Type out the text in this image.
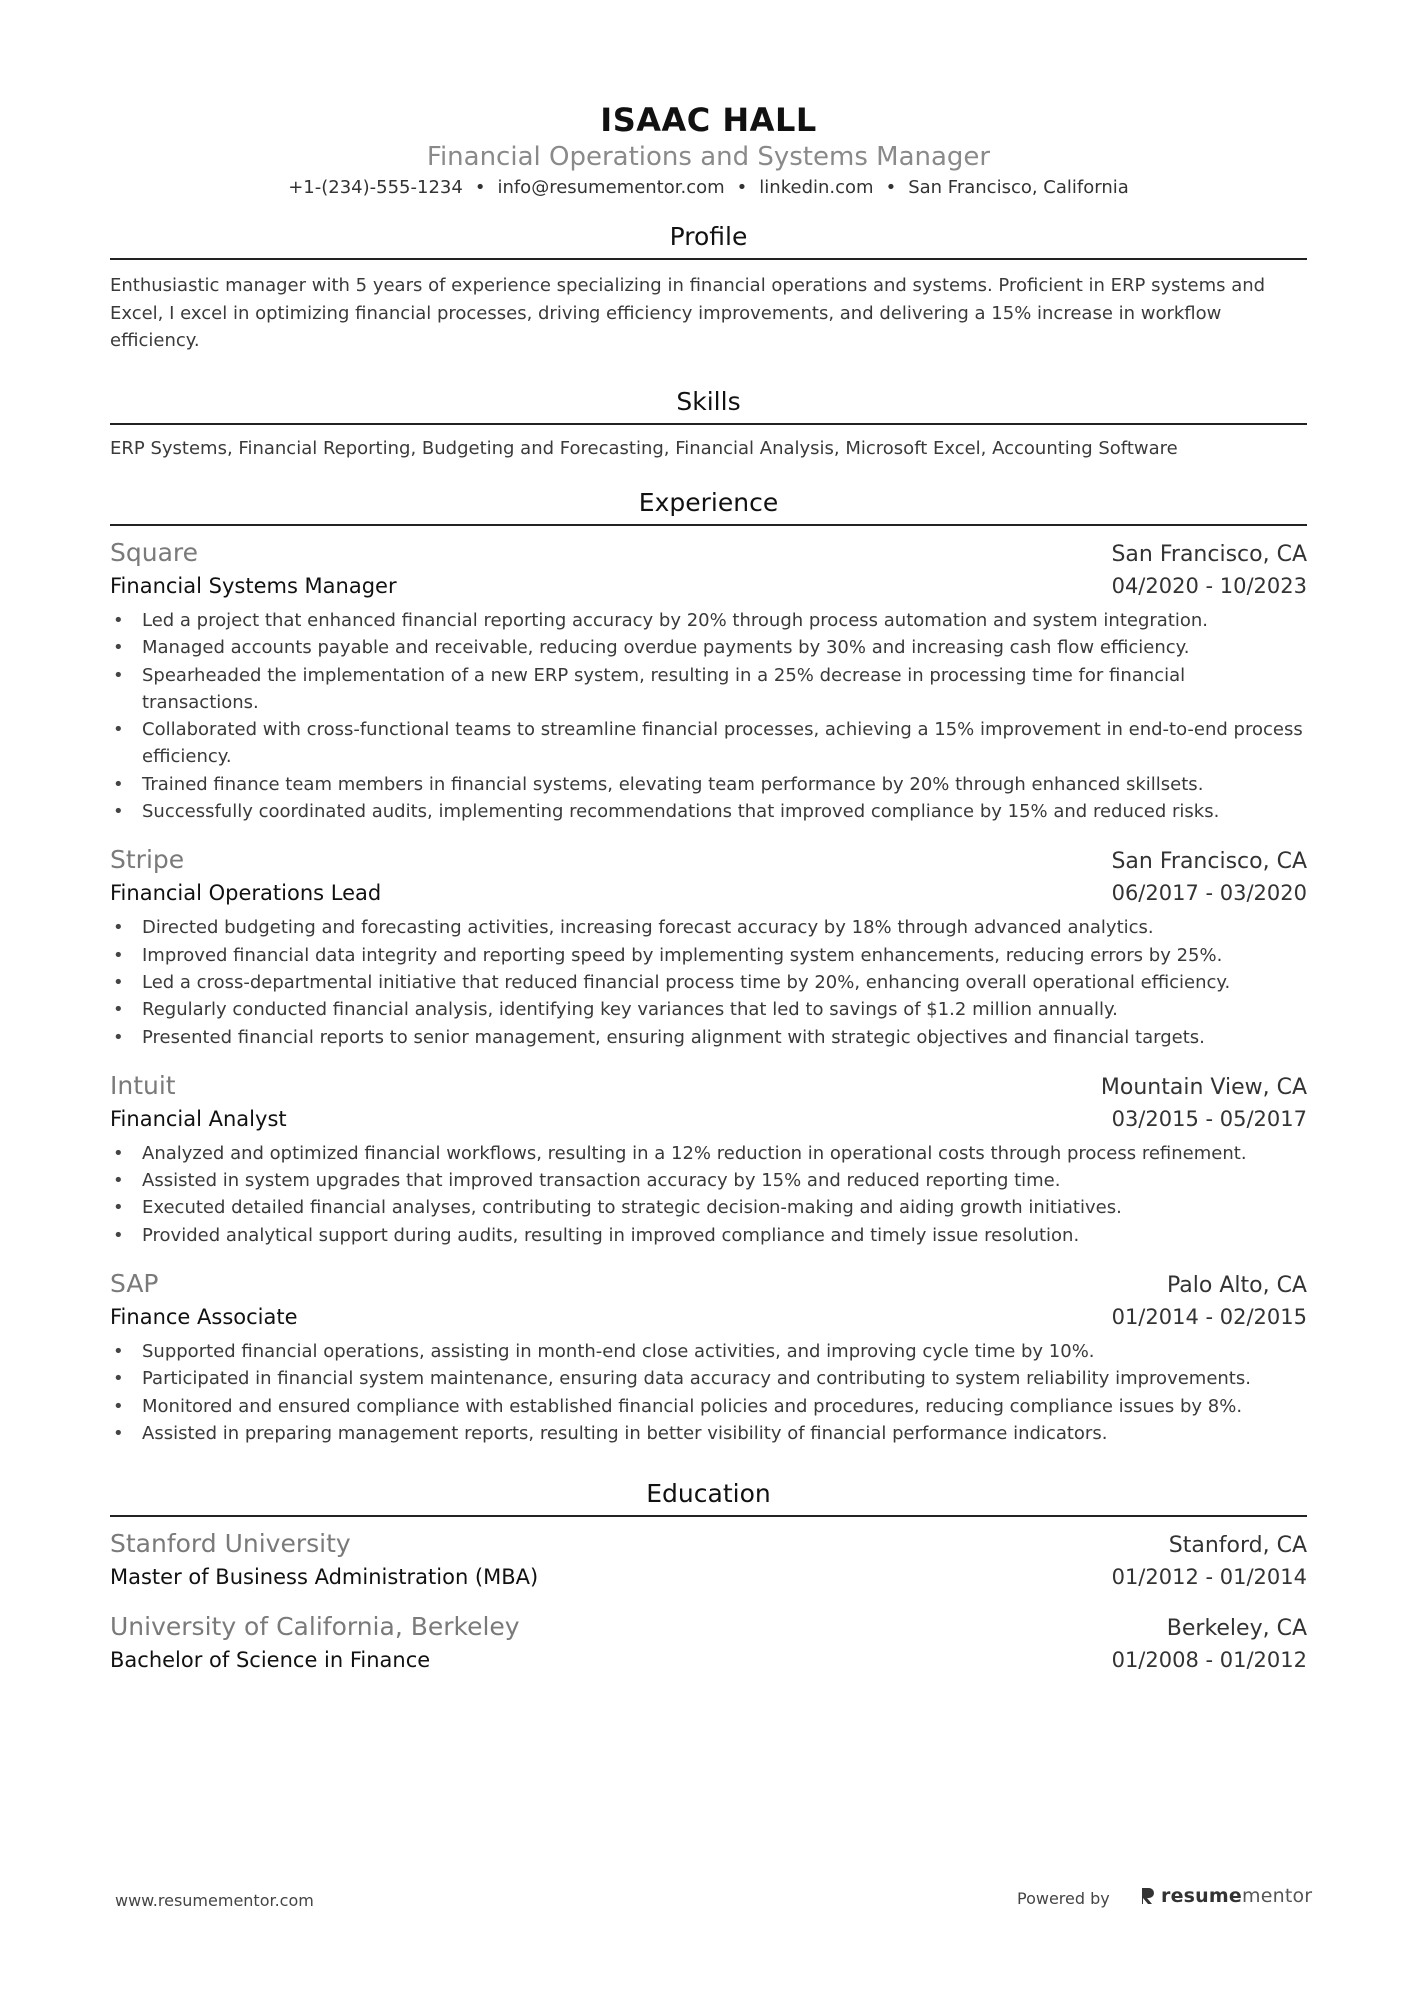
ISAAC HALL
Financial Operations and Systems Manager
+1-(234)-555-1234 • info@resumementor.com • linkedin.com • San Francisco, California
Profile
Enthusiastic manager with 5 years of experience specializing in financial operations and systems. Proficient in ERP systems and Excel, I excel in optimizing financial processes, driving efficiency improvements, and delivering a 15% increase in workflow efficiency.
Skills
ERP Systems, Financial Reporting, Budgeting and Forecasting, Financial Analysis, Microsoft Excel, Accounting Software
Experience
Square	San Francisco, CA
Financial Systems Manager	04/2020 - 10/2023
• Led a project that enhanced financial reporting accuracy by 20% through process automation and system integration.
• Managed accounts payable and receivable, reducing overdue payments by 30% and increasing cash flow efficiency.
• Spearheaded the implementation of a new ERP system, resulting in a 25% decrease in processing time for financial transactions.
• Collaborated with cross-functional teams to streamline financial processes, achieving a 15% improvement in end-to-end process efficiency.
• Trained finance team members in financial systems, elevating team performance by 20% through enhanced skillsets.
• Successfully coordinated audits, implementing recommendations that improved compliance by 15% and reduced risks.
Stripe	San Francisco, CA
Financial Operations Lead	06/2017 - 03/2020
• Directed budgeting and forecasting activities, increasing forecast accuracy by 18% through advanced analytics.
• Improved financial data integrity and reporting speed by implementing system enhancements, reducing errors by 25%.
• Led a cross-departmental initiative that reduced financial process time by 20%, enhancing overall operational efficiency.
• Regularly conducted financial analysis, identifying key variances that led to savings of $1.2 million annually.
• Presented financial reports to senior management, ensuring alignment with strategic objectives and financial targets.
Intuit	Mountain View, CA
Financial Analyst	03/2015 - 05/2017
• Analyzed and optimized financial workflows, resulting in a 12% reduction in operational costs through process refinement.
• Assisted in system upgrades that improved transaction accuracy by 15% and reduced reporting time.
• Executed detailed financial analyses, contributing to strategic decision-making and aiding growth initiatives.
• Provided analytical support during audits, resulting in improved compliance and timely issue resolution.
SAP	Palo Alto, CA
Finance Associate	01/2014 - 02/2015
• Supported financial operations, assisting in month-end close activities, and improving cycle time by 10%.
• Participated in financial system maintenance, ensuring data accuracy and contributing to system reliability improvements.
• Monitored and ensured compliance with established financial policies and procedures, reducing compliance issues by 8%.
• Assisted in preparing management reports, resulting in better visibility of financial performance indicators.
Education
Stanford University	Stanford, CA
Master of Business Administration (MBA)	01/2012 - 01/2014
University of California, Berkeley	Berkeley, CA
Bachelor of Science in Finance	01/2008 - 01/2012
www.resumementor.com	Powered by	resumementor
